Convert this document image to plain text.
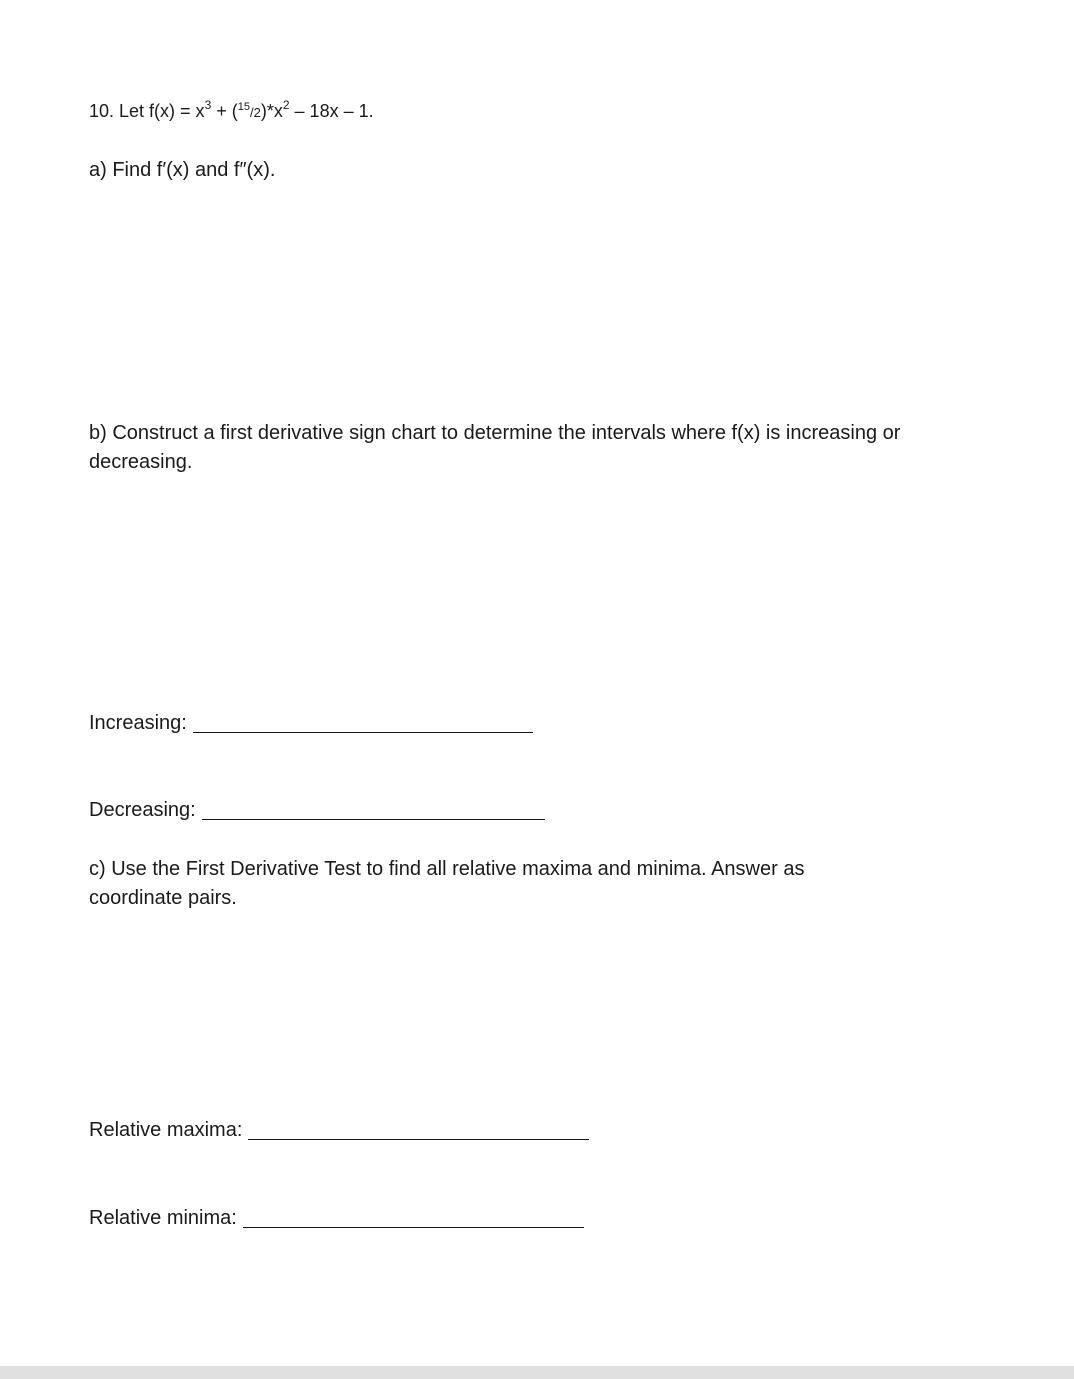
10. Let $f(x) = x^3 + (^{15}/2)*x^2 - 18x - 1$.

a) Find f′(x) and f″(x).

b) Construct a first derivative sign chart to determine the intervals where f(x) is increasing or decreasing.

Increasing:
Decreasing:

c) Use the First Derivative Test to find all relative maxima and minima. Answer as coordinate pairs.

Relative maxima:
Relative minima:
